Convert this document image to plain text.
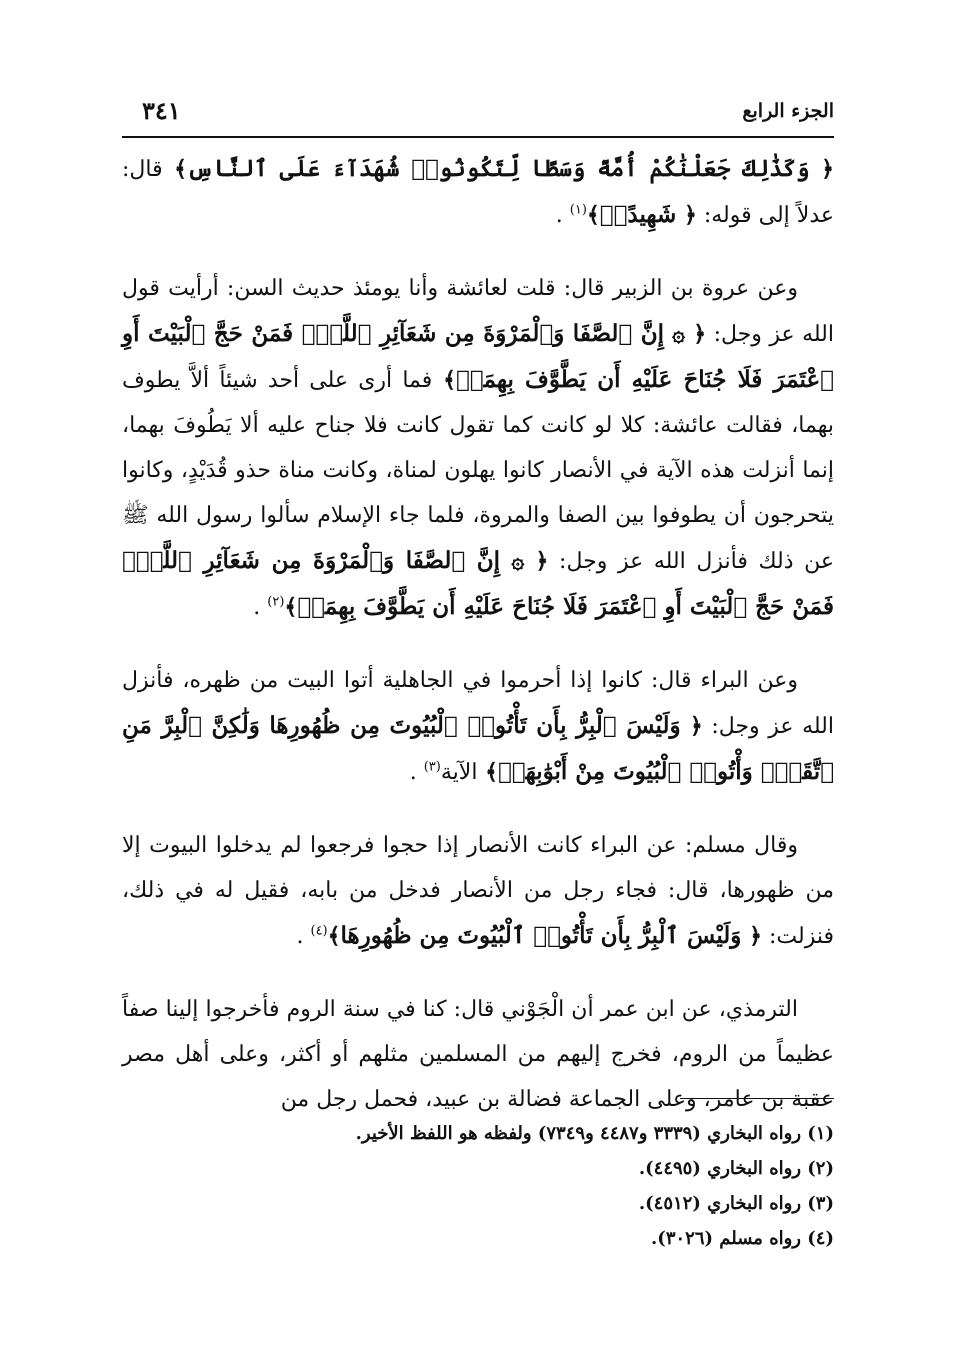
الجزء الرابع
٣٤١

﴿ وَكَذَٰلِكَ جَعَلْنَٰكُمْ أُمَّةً وَسَطًا لِّتَكُونُوا۟ شُهَدَآءَ عَلَى ٱلنَّاسِ﴾ قال: عدلاً إلى قوله: ﴿ شَهِيدًاۗ﴾$^{(١)}$ .

وعن عروة بن الزبير قال: قلت لعائشة وأنا يومئذ حديث السن: أرأيت قول الله عز وجل: ﴿ ۞ إِنَّ ٱلصَّفَا وَٱلْمَرْوَةَ مِن شَعَآئِرِ ٱللَّهِۖ فَمَنْ حَجَّ ٱلْبَيْتَ أَوِ ٱعْتَمَرَ فَلَا جُنَاحَ عَلَيْهِ أَن يَطَّوَّفَ بِهِمَاۚ﴾ فما أرى على أحد شيئاً ألاَّ يطوف بهما، فقالت عائشة: كلا لو كانت كما تقول كانت فلا جناح عليه ألا يَطُوفَ بهما، إنما أنزلت هذه الآية في الأنصار كانوا يهلون لمناة، وكانت مناة حذو قُدَيْدٍ، وكانوا يتحرجون أن يطوفوا بين الصفا والمروة، فلما جاء الإسلام سألوا رسول الله ﷺ عن ذلك فأنزل الله عز وجل: ﴿ ۞ إِنَّ ٱلصَّفَا وَٱلْمَرْوَةَ مِن شَعَآئِرِ ٱللَّهِۖ فَمَنْ حَجَّ ٱلْبَيْتَ أَوِ ٱعْتَمَرَ فَلَا جُنَاحَ عَلَيْهِ أَن يَطَّوَّفَ بِهِمَاۚ﴾$^{(٢)}$ .

وعن البراء قال: كانوا إذا أحرموا في الجاهلية أتوا البيت من ظهره، فأنزل الله عز وجل: ﴿ وَلَيْسَ ٱلْبِرُّ بِأَن تَأْتُوا۟ ٱلْبُيُوتَ مِن ظُهُورِهَا وَلَٰكِنَّ ٱلْبِرَّ مَنِ ٱتَّقَىٰۗ وَأْتُوا۟ ٱلْبُيُوتَ مِنْ أَبْوَٰبِهَاۚ﴾ الآية$^{(٣)}$ .

وقال مسلم: عن البراء كانت الأنصار إذا حجوا فرجعوا لم يدخلوا البيوت إلا من ظهورها، قال: فجاء رجل من الأنصار فدخل من بابه، فقيل له في ذلك، فنزلت: ﴿ وَلَيْسَ ٱلْبِرُّ بِأَن تَأْتُوا۟ ٱلْبُيُوتَ مِن ظُهُورِهَا﴾$^{(٤)}$ .

الترمذي، عن ابن عمر أن الْجَوْني قال: كنا في سنة الروم فأخرجوا إلينا صفاً عظيماً من الروم، فخرج إليهم من المسلمين مثلهم أو أكثر، وعلى أهل مصر عقبة بن عامر، وعلى الجماعة فضالة بن عبيد، فحمل رجل من

(١) رواه البخاري (٣٣٣٩ و٤٤٨٧ و٧٣٤٩) ولفظه هو اللفظ الأخير.
(٢) رواه البخاري (٤٤٩٥).
(٣) رواه البخاري (٤٥١٢).
(٤) رواه مسلم (٣٠٢٦).
